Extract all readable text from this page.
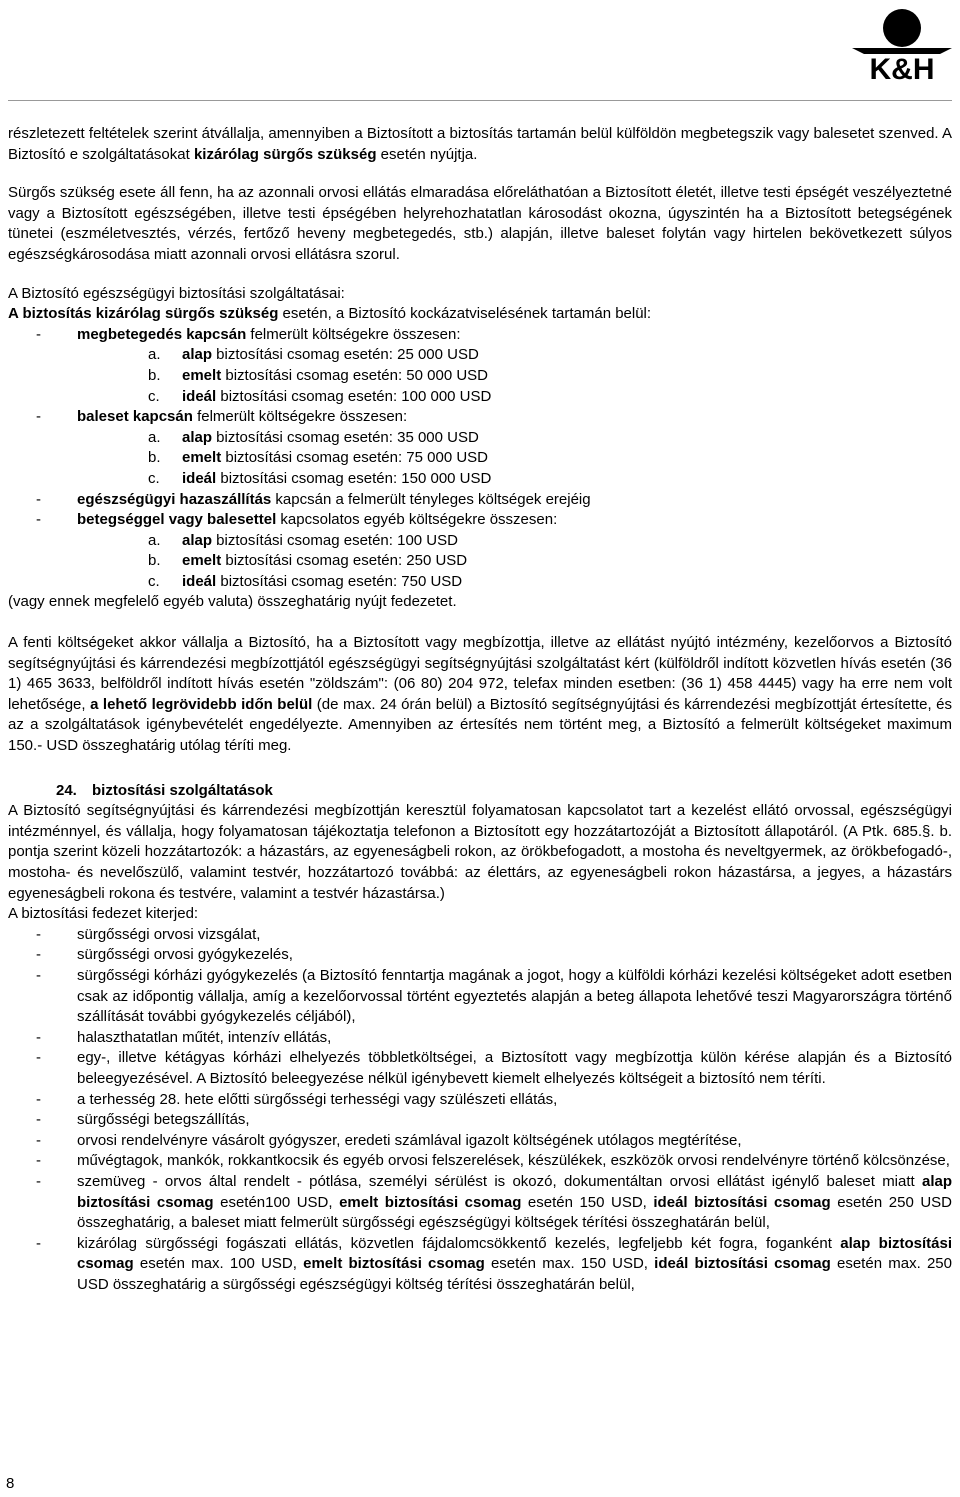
K&H

részletezett feltételek szerint átvállalja, amennyiben a Biztosított a biztosítás tartamán belül külföldön megbetegszik vagy balesetet szenved. A Biztosító e szolgáltatásokat kizárólag sürgős szükség esetén nyújtja.

Sürgős szükség esete áll fenn, ha az azonnali orvosi ellátás elmaradása előreláthatóan a Biztosított életét, illetve testi épségét veszélyeztetné vagy a Biztosított egészségében, illetve testi épségében helyrehozhatatlan károsodást okozna, úgyszintén ha a Biztosított betegségének tünetei (eszméletvesztés, vérzés, fertőző heveny megbetegedés, stb.) alapján, illetve baleset folytán vagy hirtelen bekövetkezett súlyos egészségkárosodása miatt azonnali orvosi ellátásra szorul.

A Biztosító egészségügyi biztosítási szolgáltatásai:

A biztosítás kizárólag sürgős szükség esetén, a Biztosító kockázatviselésének tartamán belül:

- megbetegedés kapcsán felmerült költségekre összesen:
a. alap biztosítási csomag esetén: 25 000 USD
b. emelt biztosítási csomag esetén: 50 000 USD
c. ideál biztosítási csomag esetén: 100 000 USD
- baleset kapcsán felmerült költségekre összesen:
a. alap biztosítási csomag esetén: 35 000 USD
b. emelt biztosítási csomag esetén: 75 000 USD
c. ideál biztosítási csomag esetén: 150 000 USD
- egészségügyi hazaszállítás kapcsán a felmerült tényleges költségek erejéig
- betegséggel vagy balesettel kapcsolatos egyéb költségekre összesen:
a. alap biztosítási csomag esetén: 100 USD
b. emelt biztosítási csomag esetén: 250 USD
c. ideál biztosítási csomag esetén: 750 USD

(vagy ennek megfelelő egyéb valuta) összeghatárig nyújt fedezetet.

A fenti költségeket akkor vállalja a Biztosító, ha a Biztosított vagy megbízottja, illetve az ellátást nyújtó intézmény, kezelőorvos a Biztosító segítségnyújtási és kárrendezési megbízottjától egészségügyi segítségnyújtási szolgáltatást kért (külföldről indított közvetlen hívás esetén (36 1) 465 3633, belföldről indított hívás esetén "zöldszám": (06 80) 204 972, telefax minden esetben: (36 1) 458 4445) vagy ha erre nem volt lehetősége, a lehető legrövidebb időn belül (de max. 24 órán belül) a Biztosító segítségnyújtási és kárrendezési megbízottját értesítette, és az a szolgáltatások igénybevételét engedélyezte. Amennyiben az értesítés nem történt meg, a Biztosító a felmerült költségeket maximum 150.- USD összeghatárig utólag téríti meg.

24. biztosítási szolgáltatások

A Biztosító segítségnyújtási és kárrendezési megbízottján keresztül folyamatosan kapcsolatot tart a kezelést ellátó orvossal, egészségügyi intézménnyel, és vállalja, hogy folyamatosan tájékoztatja telefonon a Biztosított egy hozzátartozóját a Biztosított állapotáról. (A Ptk. 685.§. b. pontja szerint közeli hozzátartozók: a házastárs, az egyeneságbeli rokon, az örökbefogadott, a mostoha és neveltgyermek, az örökbefogadó-, mostoha- és nevelőszülő, valamint testvér, hozzátartozó továbbá: az élettárs, az egyeneságbeli rokon házastársa, a jegyes, a házastárs egyeneságbeli rokona és testvére, valamint a testvér házastársa.)

A biztosítási fedezet kiterjed:

- sürgősségi orvosi vizsgálat,
- sürgősségi orvosi gyógykezelés,
- sürgősségi kórházi gyógykezelés (a Biztosító fenntartja magának a jogot, hogy a külföldi kórházi kezelési költségeket adott esetben csak az időpontig vállalja, amíg a kezelőorvossal történt egyeztetés alapján a beteg állapota lehetővé teszi Magyarországra történő szállítását további gyógykezelés céljából),
- halaszthatatlan műtét, intenzív ellátás,
- egy-, illetve kétágyas kórházi elhelyezés többletköltségei, a Biztosított vagy megbízottja külön kérése alapján és a Biztosító beleegyezésével. A Biztosító beleegyezése nélkül igénybevett kiemelt elhelyezés költségeit a biztosító nem téríti.
- a terhesség 28. hete előtti sürgősségi terhességi vagy szülészeti ellátás,
- sürgősségi betegszállítás,
- orvosi rendelvényre vásárolt gyógyszer, eredeti számlával igazolt költségének utólagos megtérítése,
- művégtagok, mankók, rokkantkocsik és egyéb orvosi felszerelések, készülékek, eszközök orvosi rendelvényre történő kölcsönzése,
- szemüveg - orvos által rendelt - pótlása, személyi sérülést is okozó, dokumentáltan orvosi ellátást igénylő baleset miatt alap biztosítási csomag esetén100 USD, emelt biztosítási csomag esetén 150 USD, ideál biztosítási csomag esetén 250 USD összeghatárig, a baleset miatt felmerült sürgősségi egészségügyi költségek térítési összeghatárán belül,
- kizárólag sürgősségi fogászati ellátás, közvetlen fájdalomcsökkentő kezelés, legfeljebb két fogra, foganként alap biztosítási csomag esetén max. 100 USD, emelt biztosítási csomag esetén max. 150 USD, ideál biztosítási csomag esetén max. 250 USD összeghatárig a sürgősségi egészségügyi költség térítési összeghatárán belül,
8
